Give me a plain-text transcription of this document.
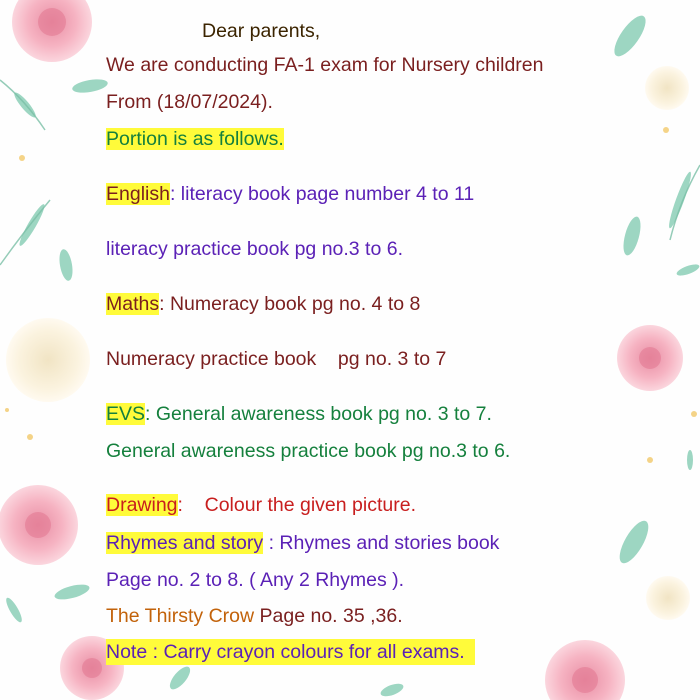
Dear parents,
We are conducting FA-1 exam for Nursery children
From (18/07/2024).
Portion is as follows.
English: literacy book page number 4 to 11
literacy practice book pg no.3 to 6.
Maths: Numeracy book pg no. 4 to 8
Numeracy practice book    pg no. 3 to 7
EVS: General awareness book pg no. 3 to 7.
General awareness practice book pg no.3 to 6.
Drawing:    Colour the given picture.
Rhymes and story : Rhymes and stories book
Page no. 2 to 8. ( Any 2 Rhymes ).
The Thirsty Crow Page no. 35 ,36.
Note : Carry crayon colours for all exams.
